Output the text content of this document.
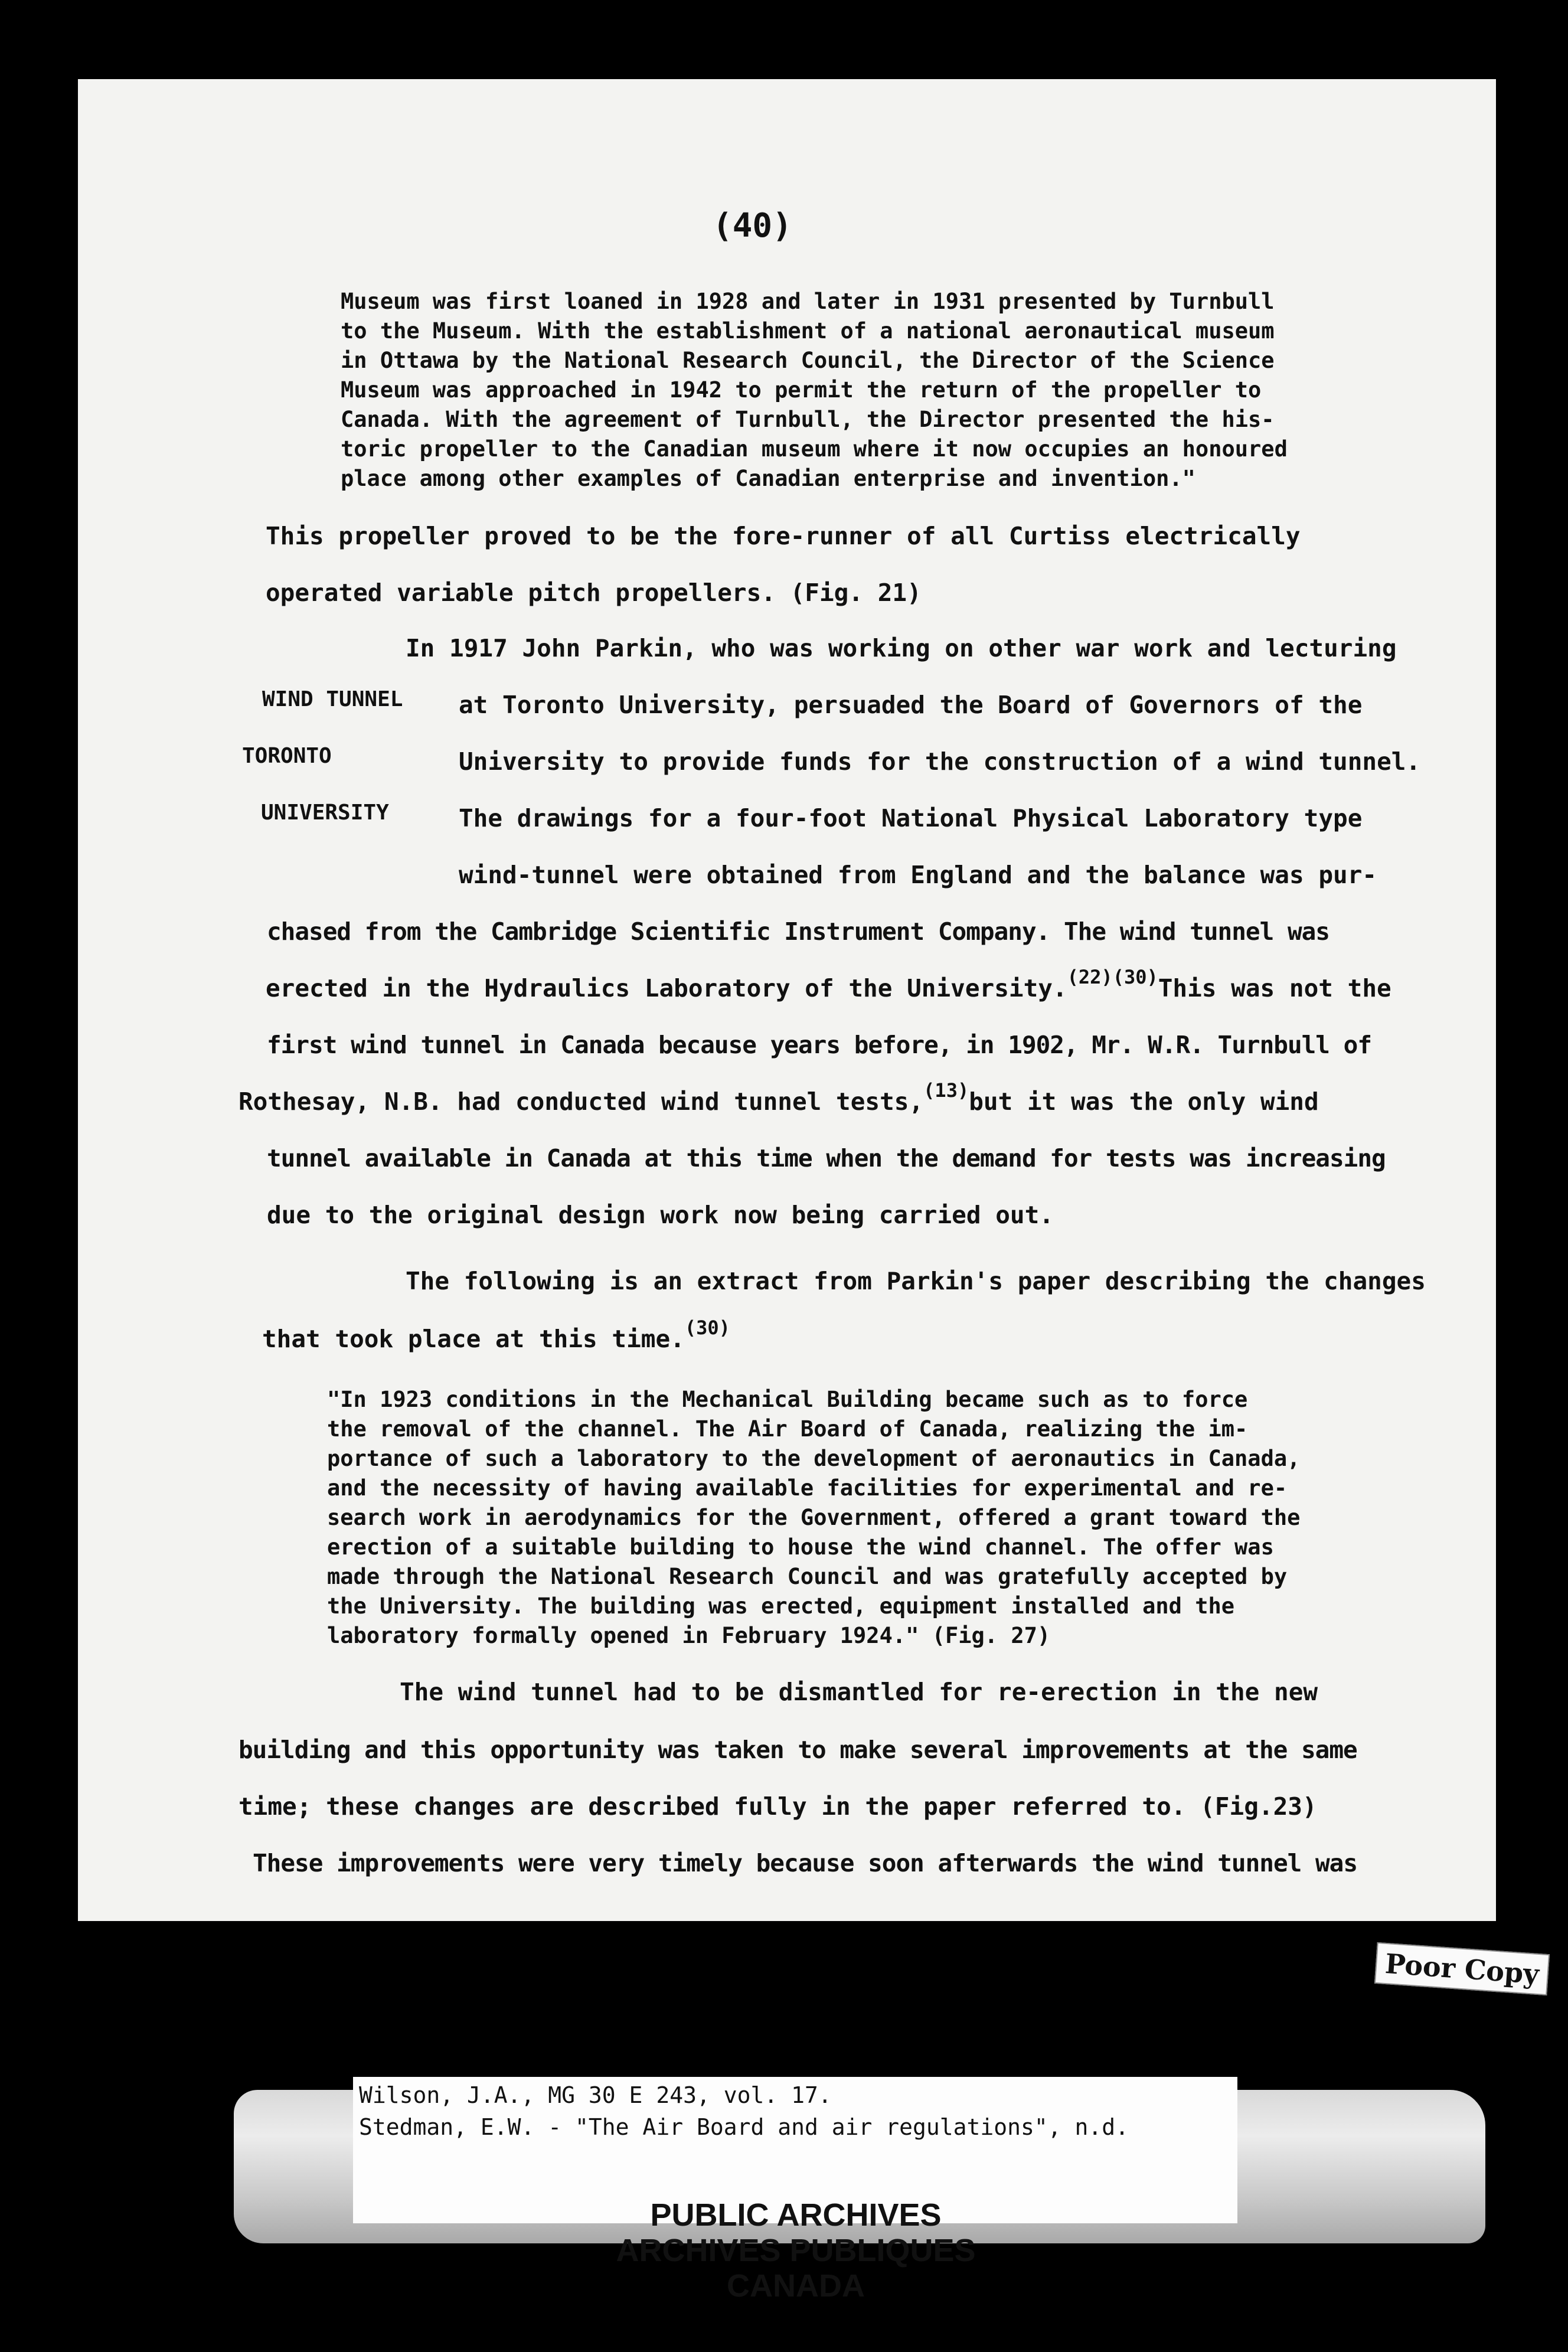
(40)
Museum was first loaned in 1928 and later in 1931 presented by Turnbull
to the Museum. With the establishment of a national aeronautical museum
in Ottawa by the National Research Council, the Director of the Science
Museum was approached in 1942 to permit the return of the propeller to
Canada. With the agreement of Turnbull, the Director presented the his-
toric propeller to the Canadian museum where it now occupies an honoured
place among other examples of Canadian enterprise and invention."
This propeller proved to be the fore-runner of all Curtiss electrically
operated variable pitch propellers. (Fig. 21)
WIND TUNNEL
TORONTO
UNIVERSITY
In 1917 John Parkin, who was working on other war work and lecturing
at Toronto University, persuaded the Board of Governors of the
University to provide funds for the construction of a wind tunnel.
The drawings for a four-foot National Physical Laboratory type
wind-tunnel were obtained from England and the balance was pur-
chased from the Cambridge Scientific Instrument Company. The wind tunnel was
erected in the Hydraulics Laboratory of the University.$^{(22)(30)}$This was not the
first wind tunnel in Canada because years before, in 1902, Mr. W.R. Turnbull of
Rothesay, N.B. had conducted wind tunnel tests,$^{(13)}$but it was the only wind
tunnel available in Canada at this time when the demand for tests was increasing
due to the original design work now being carried out.
The following is an extract from Parkin's paper describing the changes
that took place at this time.$^{(30)}$
"In 1923 conditions in the Mechanical Building became such as to force
the removal of the channel. The Air Board of Canada, realizing the im-
portance of such a laboratory to the development of aeronautics in Canada,
and the necessity of having available facilities for experimental and re-
search work in aerodynamics for the Government, offered a grant toward the
erection of a suitable building to house the wind channel. The offer was
made through the National Research Council and was gratefully accepted by
the University. The building was erected, equipment installed and the
laboratory formally opened in February 1924." (Fig. 27)
The wind tunnel had to be dismantled for re-erection in the new
building and this opportunity was taken to make several improvements at the same
time; these changes are described fully in the paper referred to. (Fig.23)
These improvements were very timely because soon afterwards the wind tunnel was
Wilson, J.A., MG 30 E 243, vol. 17.
Stedman, E.W. - "The Air Board and air regulations", n.d.
PUBLIC ARCHIVES
ARCHIVES PUBLIQUES
CANADA
Poor Copy
